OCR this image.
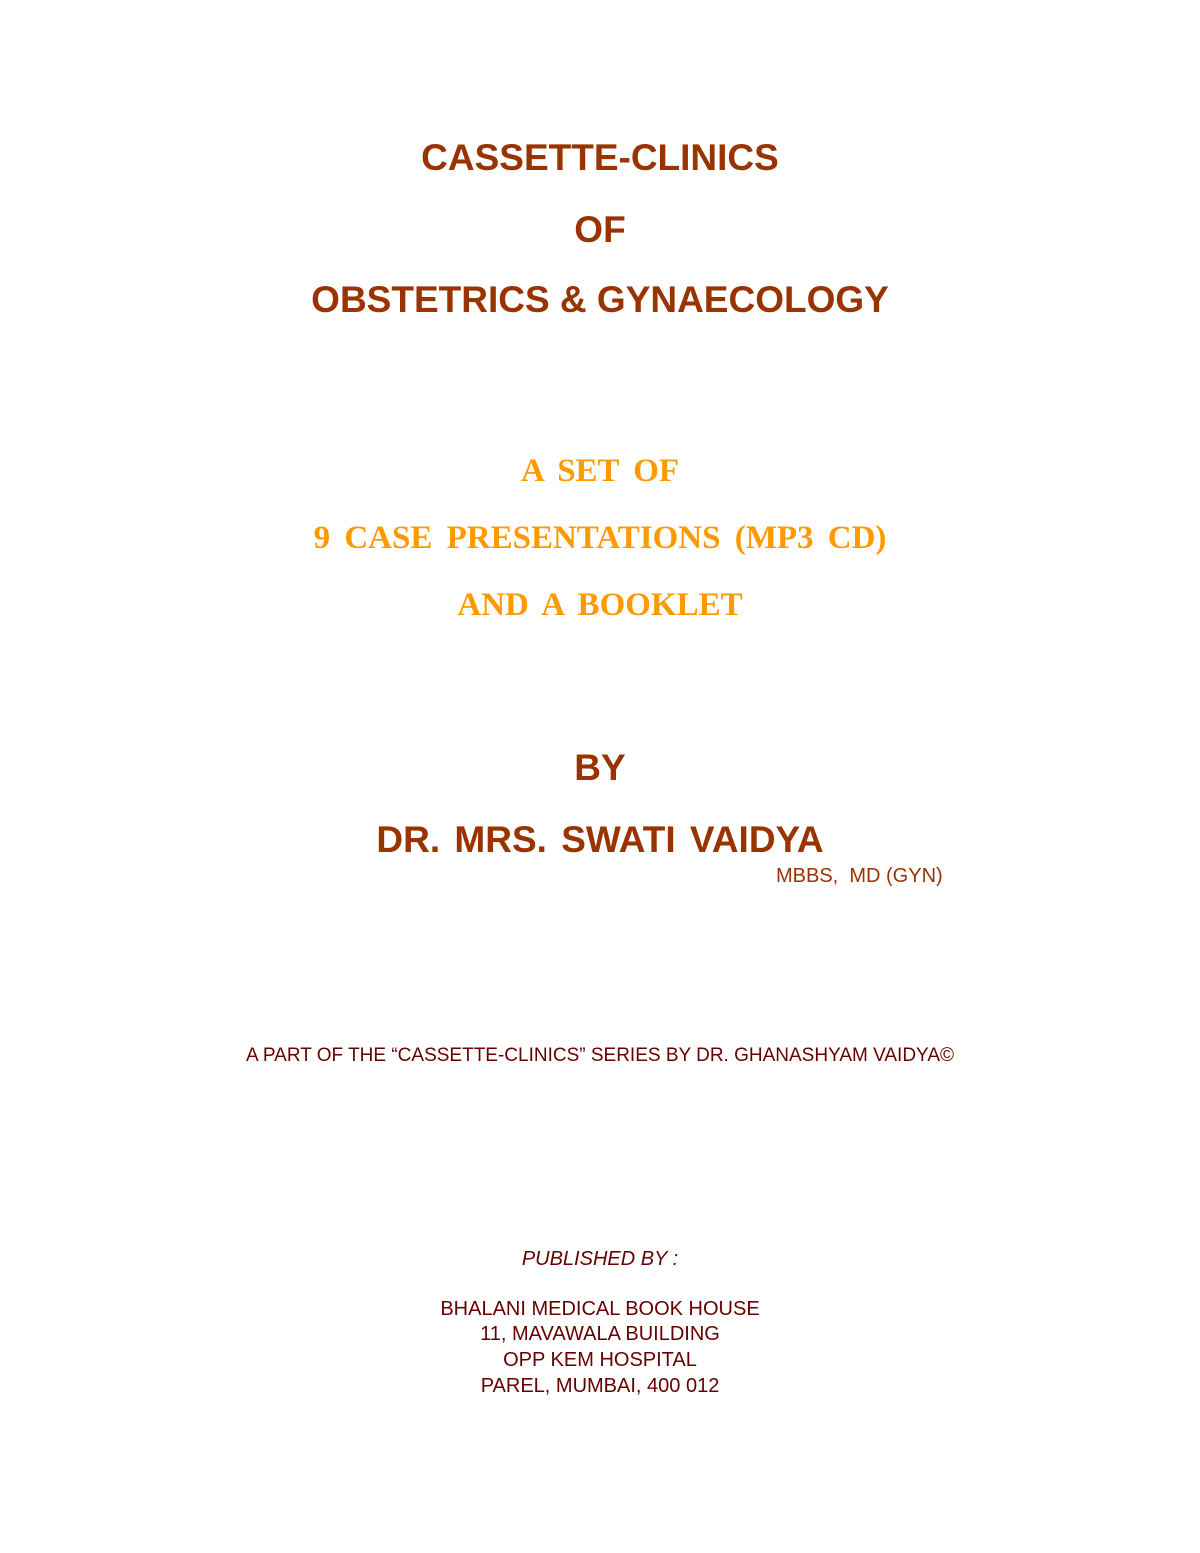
CASSETTE-CLINICS
OF
OBSTETRICS & GYNAECOLOGY
A SET OF
9 CASE PRESENTATIONS (MP3 CD)
AND A BOOKLET
BY
DR. MRS. SWATI VAIDYA
MBBS,  MD (GYN)
A PART OF THE “CASSETTE-CLINICS” SERIES BY DR. GHANASHYAM VAIDYA©
PUBLISHED BY :
BHALANI MEDICAL BOOK HOUSE
11, MAVAWALA BUILDING
OPP KEM HOSPITAL
PAREL, MUMBAI, 400 012
